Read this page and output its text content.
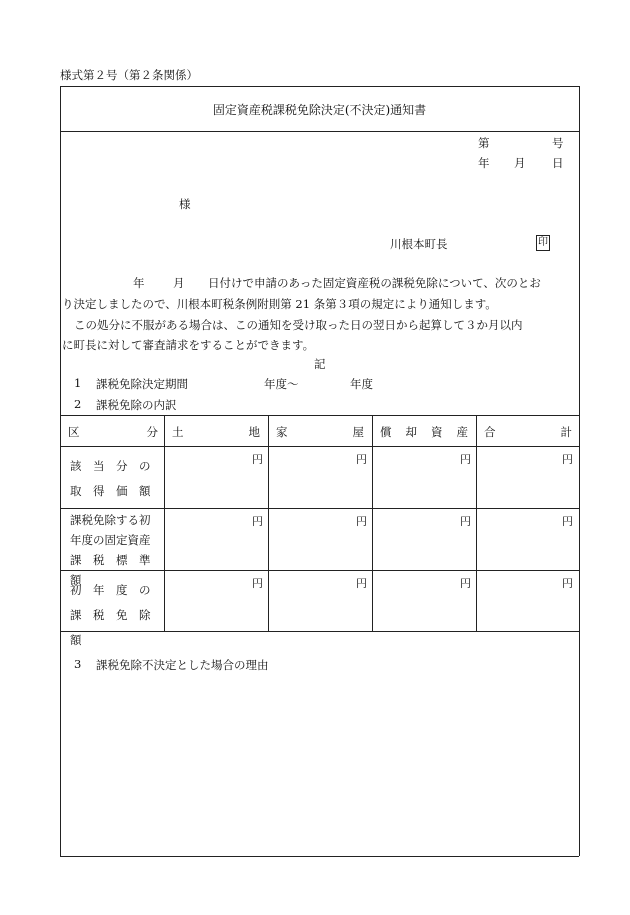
様式第２号（第２条関係）
固定資産税課税免除決定(不決定)通知書
第	号
年 月 日
様
川根本町長	印
年 月 日付けで申請のあった固定資産税の課税免除について、次のとお
り決定しましたので、川根本町税条例附則第 21 条第３項の規定により通知します。
この処分に不服がある場合は、この通知を受け取った日の翌日から起算して３か月以内
に町長に対して審査請求をすることができます。
記
1 課税免除決定期間	年度～	年度
2 課税免除の内訳
区	分 土	地 家	屋 償 却 資 産 合	計
該　当　分　の
取　得　価　額
円	円	円	円
課税免除する初
年度の固定資産
課　税　標　準　額
円	円	円	円
初　年　度　の
課　税　免　除　額
円	円	円	円
3 課税免除不決定とした場合の理由
